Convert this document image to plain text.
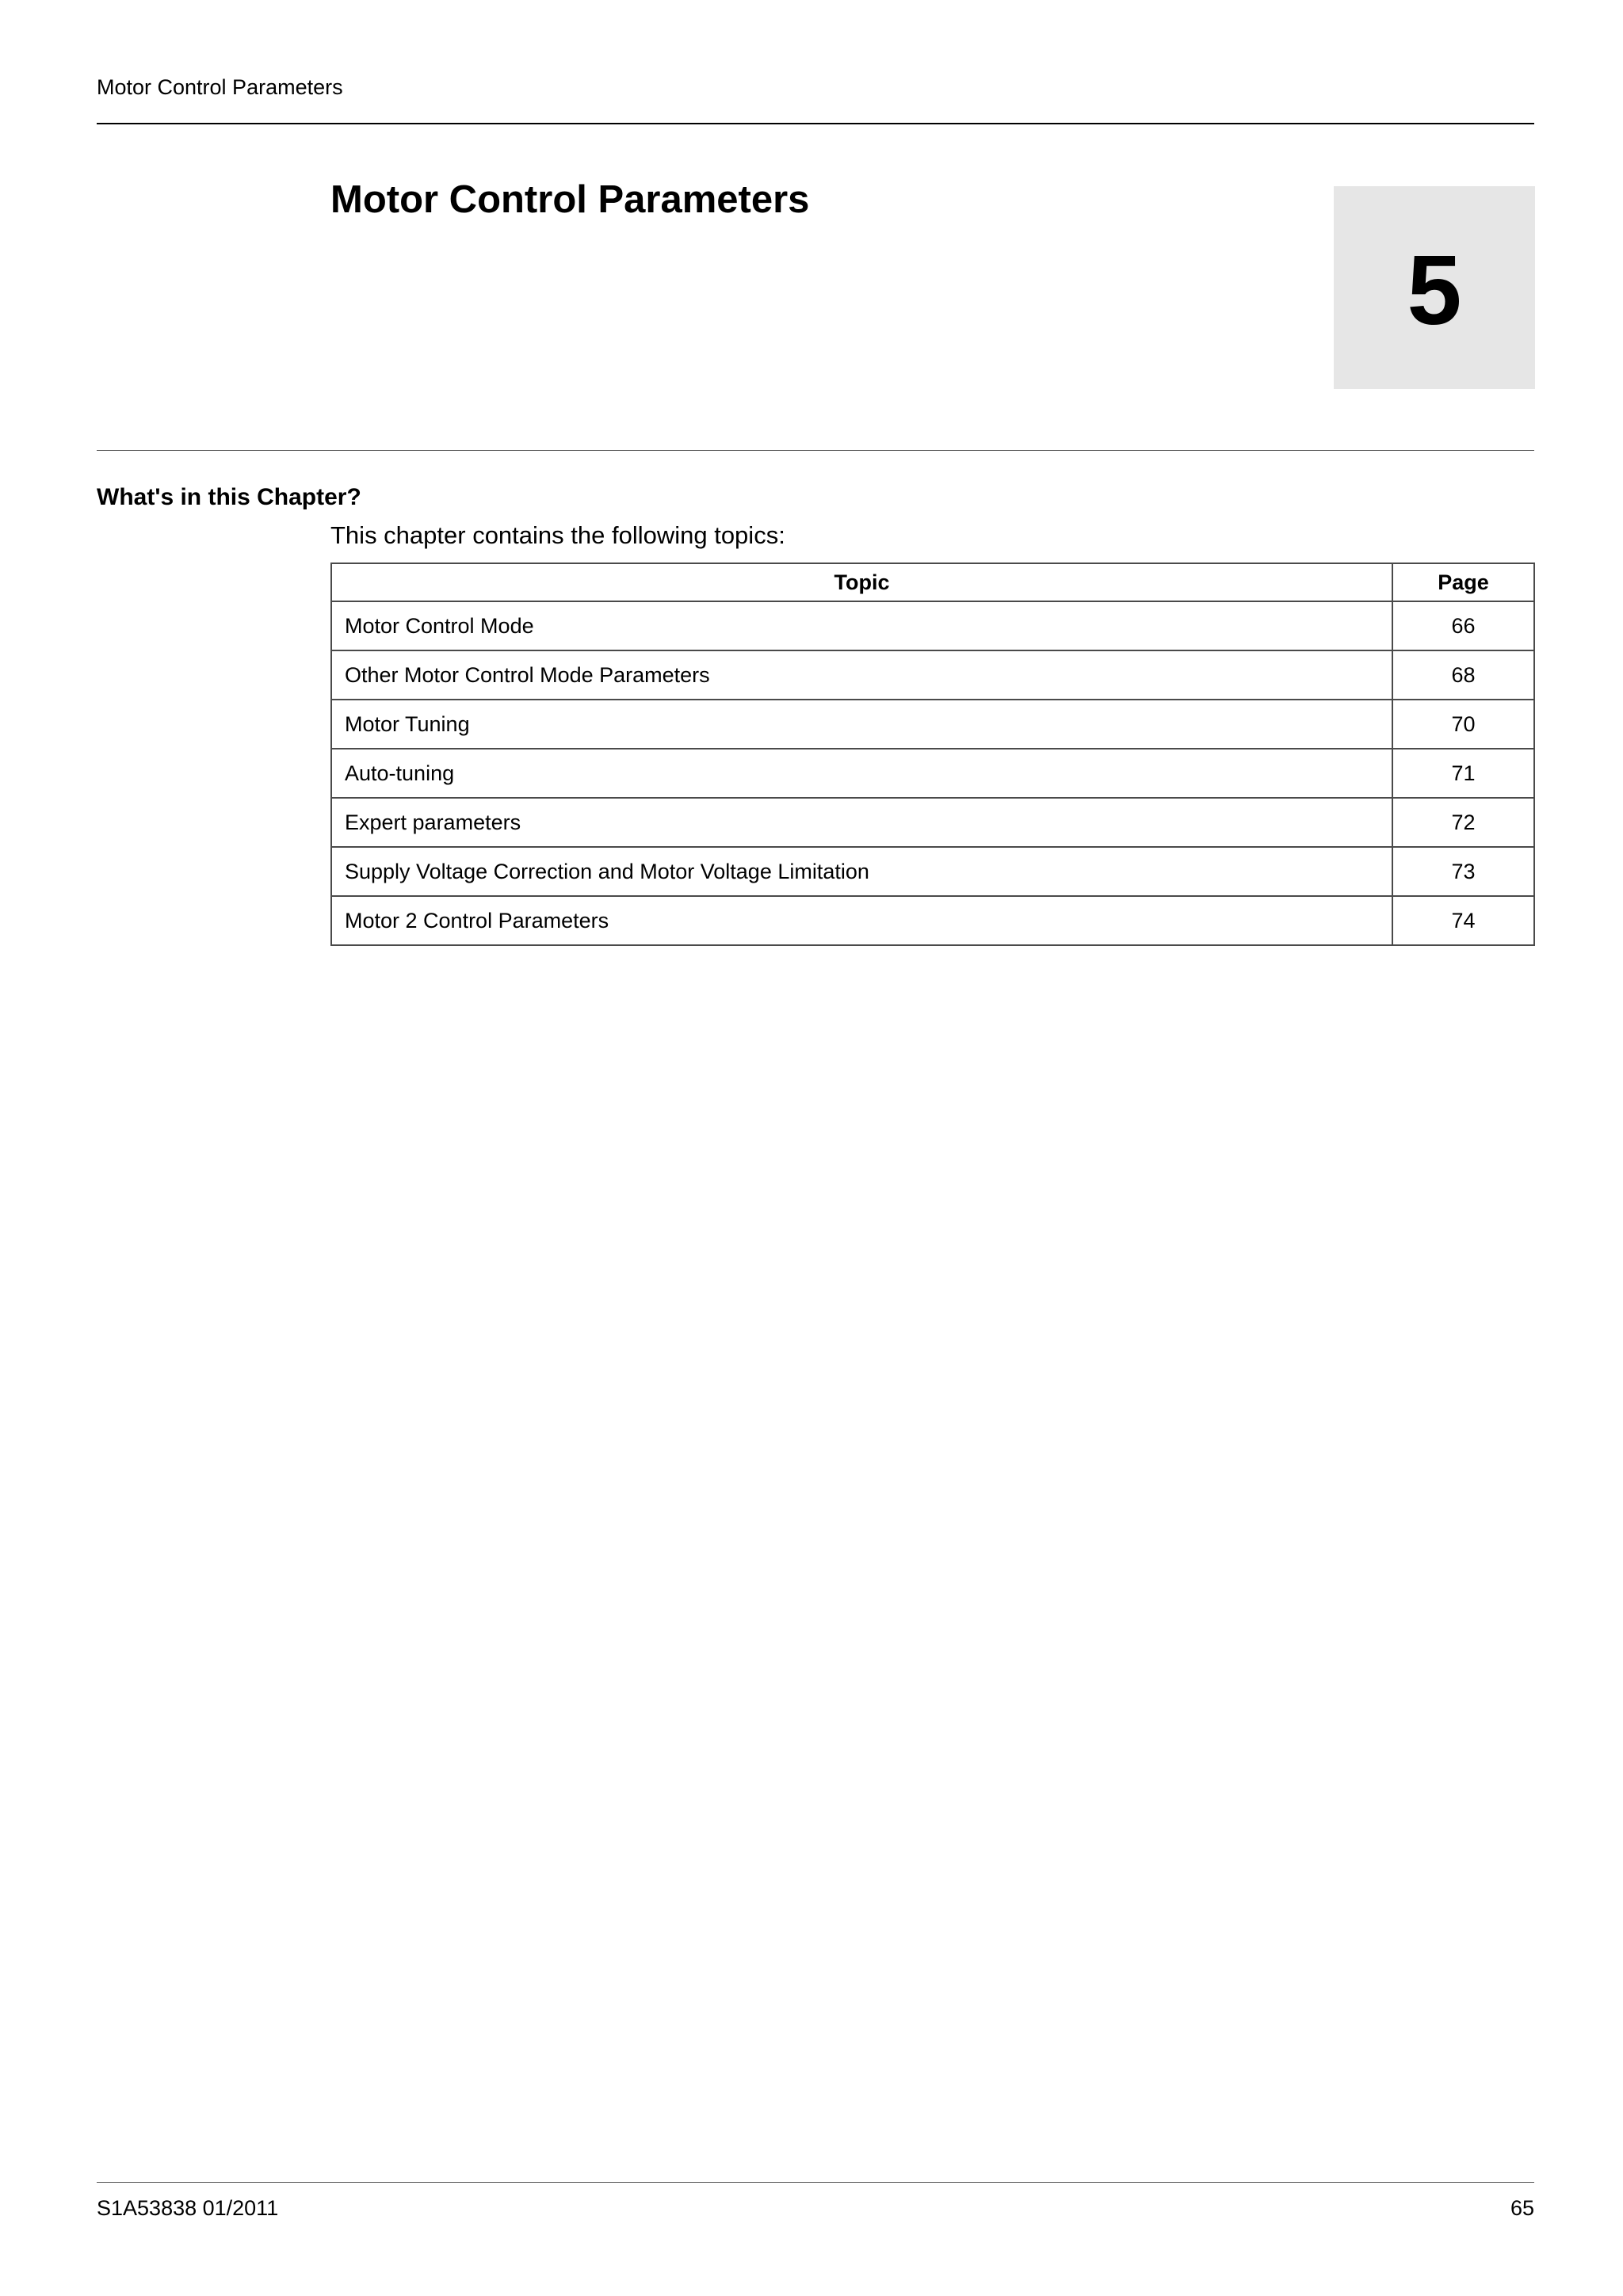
Motor Control Parameters
Motor Control Parameters
5
What's in this Chapter?
This chapter contains the following topics:
Topic	Page
Motor Control Mode	66
Other Motor Control Mode Parameters	68
Motor Tuning	70
Auto-tuning	71
Expert parameters	72
Supply Voltage Correction and Motor Voltage Limitation	73
Motor 2 Control Parameters	74
S1A53838 01/2011	65
